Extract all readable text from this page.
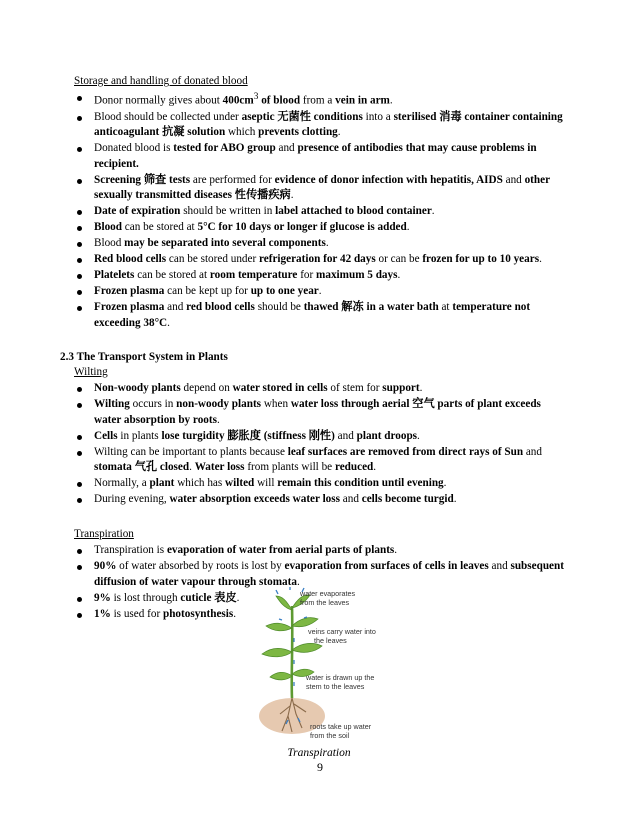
Storage and handling of donated blood
Donor normally gives about $400cm^3$ of blood from a vein in arm.
Blood should be collected under aseptic 无菌性 conditions into a sterilised 消毒 container containing anticoagulant 抗凝 solution which prevents clotting.
Donated blood is tested for ABO group and presence of antibodies that may cause problems in recipient.
Screening 筛查 tests are performed for evidence of donor infection with hepatitis, AIDS and other sexually transmitted diseases 性传播疾病.
Date of expiration should be written in label attached to blood container.
Blood can be stored at 5°C for 10 days or longer if glucose is added.
Blood may be separated into several components.
Red blood cells can be stored under refrigeration for 42 days or can be frozen for up to 10 years.
Platelets can be stored at room temperature for maximum 5 days.
Frozen plasma can be kept up for up to one year.
Frozen plasma and red blood cells should be thawed 解冻 in a water bath at temperature not exceeding 38°C.
2.3 The Transport System in Plants
Wilting
Non-woody plants depend on water stored in cells of stem for support.
Wilting occurs in non-woody plants when water loss through aerial 空气 parts of plant exceeds water absorption by roots.
Cells in plants lose turgidity 膨胀度 (stiffness 刚性) and plant droops.
Wilting can be important to plants because leaf surfaces are removed from direct rays of Sun and stomata 气孔 closed. Water loss from plants will be reduced.
Normally, a plant which has wilted will remain this condition until evening.
During evening, water absorption exceeds water loss and cells become turgid.
Transpiration
Transpiration is evaporation of water from aerial parts of plants.
90% of water absorbed by roots is lost by evaporation from surfaces of cells in leaves and subsequent diffusion of water vapour through stomata.
9% is lost through cuticle 表皮.
1% is used for photosynthesis.
water evaporates
from the leaves
veins carry water into
the leaves
water is drawn up the
stem to the leaves
roots take up water
from the soil
Transpiration
9
